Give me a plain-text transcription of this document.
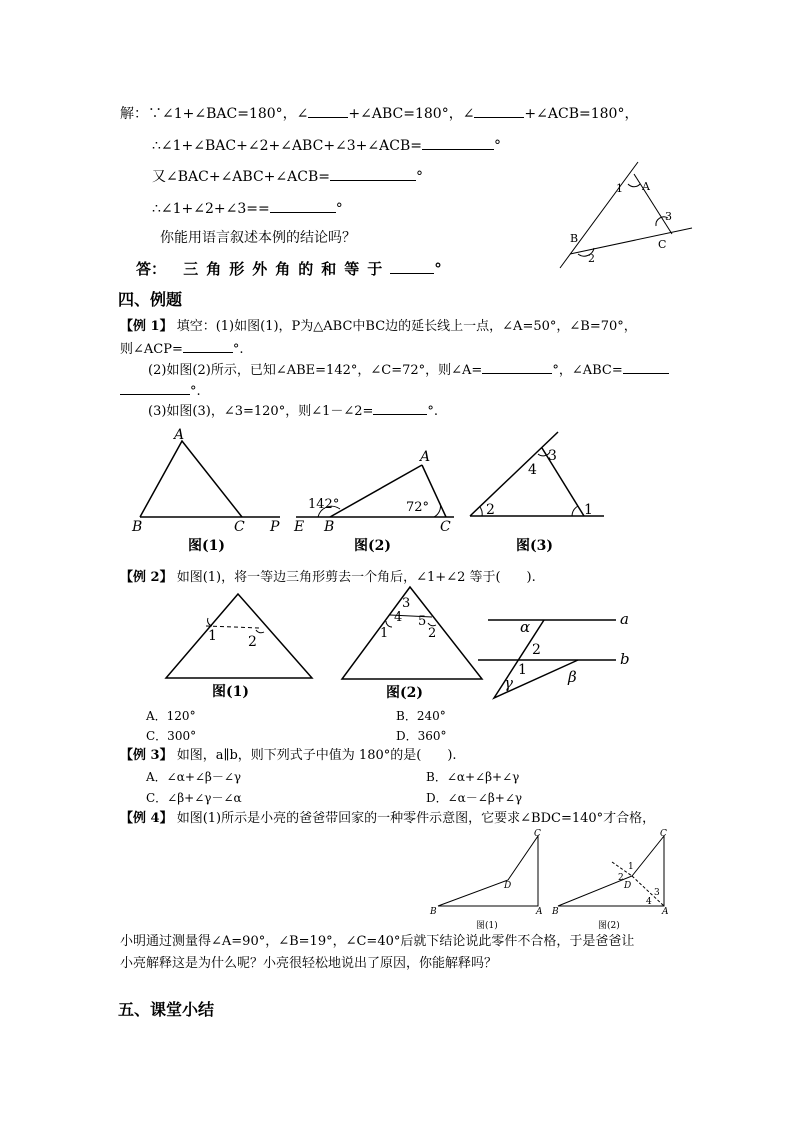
解：∵∠1+∠BAC=180°，∠	+∠ABC=180°，∠	+∠ACB=180°，
∴∠1+∠BAC+∠2+∠ABC+∠3+∠ACB=	°
又∠BAC+∠ABC+∠ACB=	°
∴∠1+∠2+∠3==	°
你能用语言叙述本例的结论吗？
答： 三角形外角的和等于	°
1 A
3
C
B
2
四、例题
【例 1】 填空：(1)如图(1)，P为△ABC中BC边的延长线上一点，∠A=50°，∠B=70°，
则∠ACP=	°.
(2)如图(2)所示，已知∠ABE=142°，∠C=72°，则∠A=	°，∠ABC=
°.
(3)如图(3)，∠3=120°，则∠1－∠2=	°.
A
B	C P
图(1)
A
142°	72°
E B	C
图(2)
2	1
3
4
图(3)
【例 2】 如图(1)，将一等边三角形剪去一个角后，∠1+∠2 等于(　　).
1 2
图(1)
3
4 5
1	2
图(2)
α
2
1
γ	β
a
b
A．120°	B．240°
C．300°	D．360°
【例 3】 如图，a∥b，则下列式子中值为 180°的是(　　).
A．∠α+∠β－∠γ	B．∠α+∠β+∠γ
C．∠β+∠γ－∠α	D．∠α－∠β+∠γ
【例 4】 如图(1)所示是小亮的爸爸带回家的一种零件示意图，它要求∠BDC=140°才合格，
C
D
B	A
图(1)
C
1
2
D
3
4
B	A
图(2)
小明通过测量得∠A=90°，∠B=19°，∠C=40°后就下结论说此零件不合格，于是爸爸让
小亮解释这是为什么呢？小亮很轻松地说出了原因，你能解释吗？
五、课堂小结
